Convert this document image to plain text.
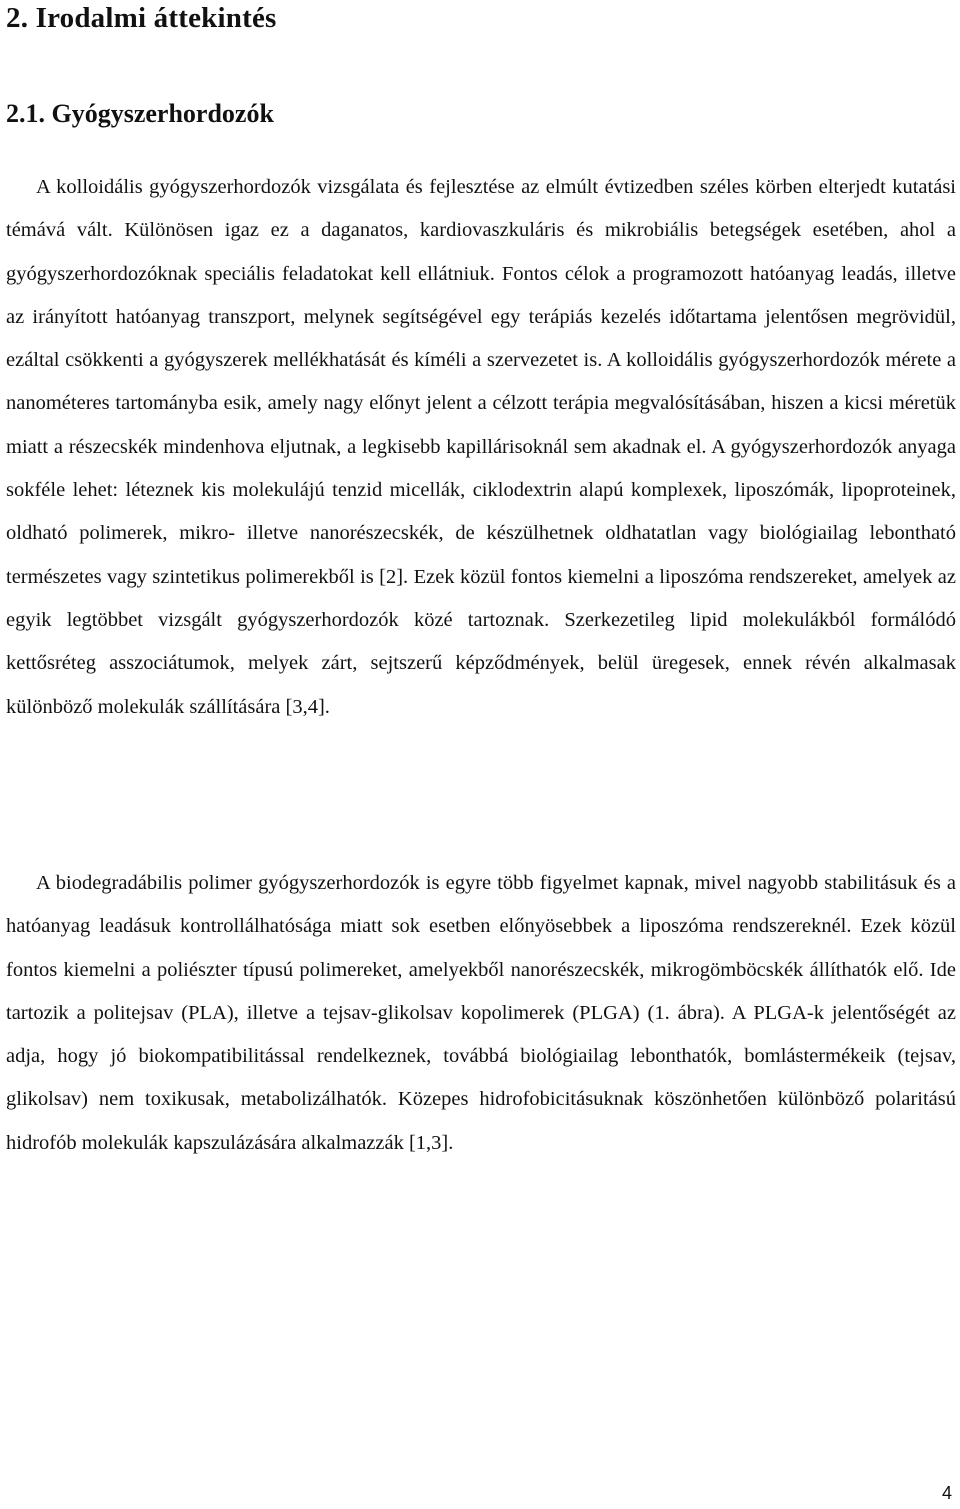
2. Irodalmi áttekintés
2.1. Gyógyszerhordozók

A kolloidális gyógyszerhordozók vizsgálata és fejlesztése az elmúlt évtizedben széles körben elterjedt kutatási témává vált. Különösen igaz ez a daganatos, kardiovaszkuláris és mikrobiális betegségek esetében, ahol a gyógyszerhordozóknak speciális feladatokat kell ellátniuk. Fontos célok a programozott hatóanyag leadás, illetve az irányított hatóanyag transzport, melynek segítségével egy terápiás kezelés időtartama jelentősen megrövidül, ezáltal csökkenti a gyógyszerek mellékhatását és kíméli a szervezetet is. A kolloidális gyógyszerhordozók mérete a nanométeres tartományba esik, amely nagy előnyt jelent a célzott terápia megvalósításában, hiszen a kicsi méretük miatt a részecskék mindenhova eljutnak, a legkisebb kapillárisoknál sem akadnak el. A gyógyszerhordozók anyaga sokféle lehet: léteznek kis molekulájú tenzid micellák, ciklodextrin alapú komplexek, liposzómák, lipoproteinek, oldható polimerek, mikro- illetve nanorészecskék, de készülhetnek oldhatatlan vagy biológiailag lebontható természetes vagy szintetikus polimerekből is [2]. Ezek közül fontos kiemelni a liposzóma rendszereket, amelyek az egyik legtöbbet vizsgált gyógyszerhordozók közé tartoznak. Szerkezetileg lipid molekulákból formálódó kettősréteg asszociátumok, melyek zárt, sejtszerű képződmények, belül üregesek, ennek révén alkalmasak különböző molekulák szállítására [3,4].

A biodegradábilis polimer gyógyszerhordozók is egyre több figyelmet kapnak, mivel nagyobb stabilitásuk és a hatóanyag leadásuk kontrollálhatósága miatt sok esetben előnyösebbek a liposzóma rendszereknél. Ezek közül fontos kiemelni a poliészter típusú polimereket, amelyekből nanorészecskék, mikrogömböcskék állíthatók elő. Ide tartozik a politejsav (PLA), illetve a tejsav-glikolsav kopolimerek (PLGA) (1. ábra). A PLGA-k jelentőségét az adja, hogy jó biokompatibilitással rendelkeznek, továbbá biológiailag lebonthatók, bomlástermékeik (tejsav, glikolsav) nem toxikusak, metabolizálhatók. Közepes hidrofobicitásuknak köszönhetően különböző polaritású hidrofób molekulák kapszulázására alkalmazzák [1,3].

4
